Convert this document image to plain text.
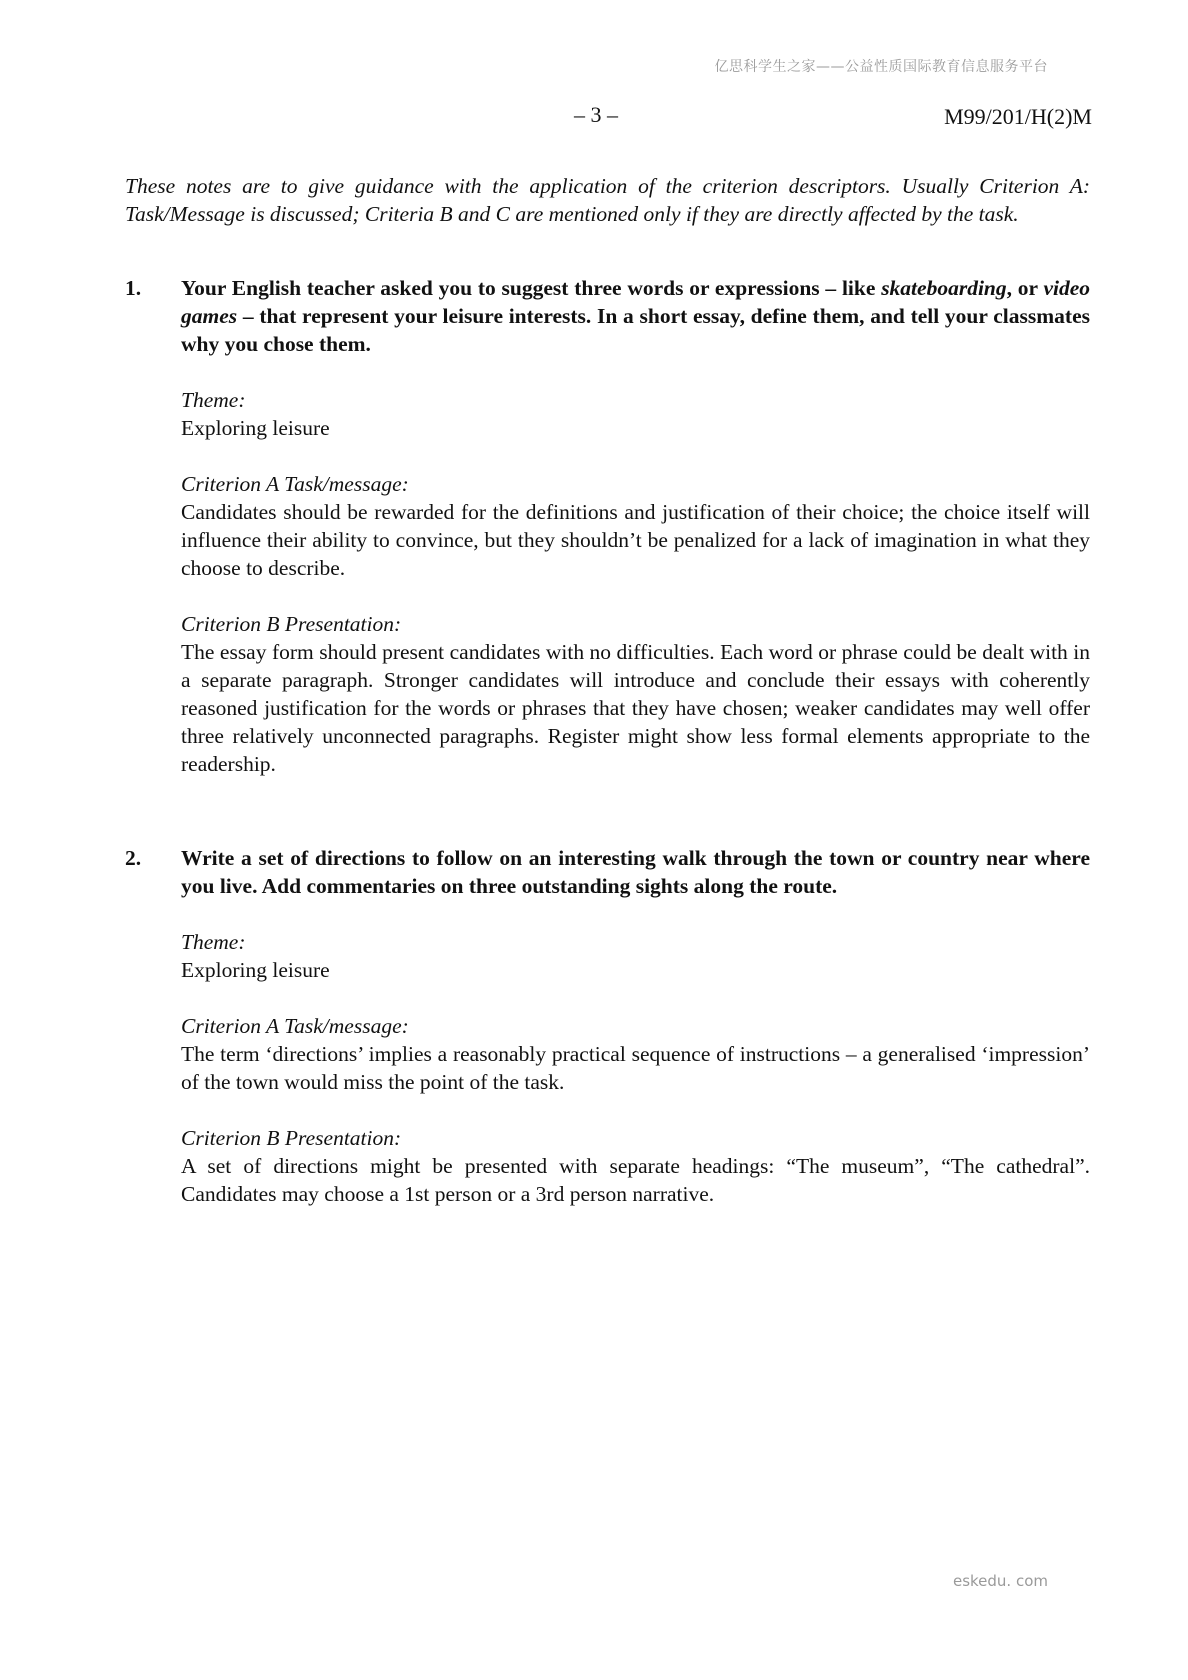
亿思科学生之家——公益性质国际教育信息服务平台
– 3 –	M99/201/H(2)M

These notes are to give guidance with the application of the criterion descriptors. Usually Criterion A: Task/Message is discussed; Criteria B and C are mentioned only if they are directly affected by the task.

1. Your English teacher asked you to suggest three words or expressions – like skateboarding, or video games – that represent your leisure interests. In a short essay, define them, and tell your classmates why you chose them.

Theme:

Exploring leisure

Criterion A Task/message:

Candidates should be rewarded for the definitions and justification of their choice; the choice itself will influence their ability to convince, but they shouldn’t be penalized for a lack of imagination in what they choose to describe.

Criterion B Presentation:

The essay form should present candidates with no difficulties. Each word or phrase could be dealt with in a separate paragraph. Stronger candidates will introduce and conclude their essays with coherently reasoned justification for the words or phrases that they have chosen; weaker candidates may well offer three relatively unconnected paragraphs. Register might show less formal elements appropriate to the readership.

2. Write a set of directions to follow on an interesting walk through the town or country near where you live. Add commentaries on three outstanding sights along the route.

Theme:

Exploring leisure

Criterion A Task/message:

The term ‘directions’ implies a reasonably practical sequence of instructions – a generalised ‘impression’ of the town would miss the point of the task.

Criterion B Presentation:

A set of directions might be presented with separate headings: “The museum”, “The cathedral”. Candidates may choose a 1st person or a 3rd person narrative.

eskedu. com
